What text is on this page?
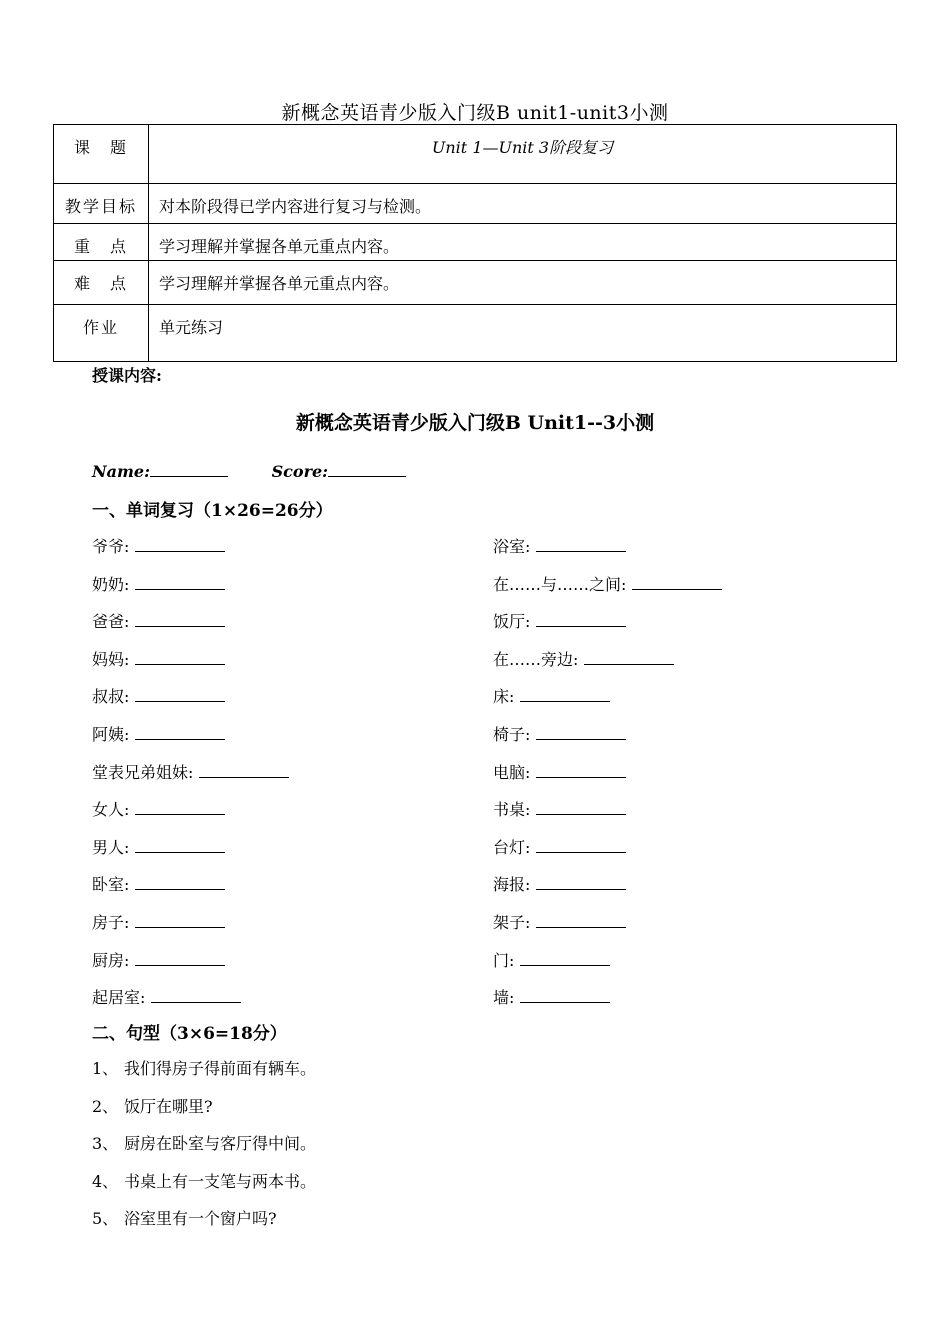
新概念英语青少版入门级B unit1-unit3小测
课　题	Unit 1—Unit 3阶段复习
教学目标	对本阶段得已学内容进行复习与检测。
重　点	学习理解并掌握各单元重点内容。
难　点	学习理解并掌握各单元重点内容。
作业	单元练习
授课内容:
新概念英语青少版入门级B Unit1--3小测
Name:	Score:
一、单词复习（1×26=26分）
爷爷:
奶奶:
爸爸:
妈妈:
叔叔:
阿姨:
堂表兄弟姐妹:
女人:
男人:
卧室:
房子:
厨房:
起居室:
浴室:
在……与……之间:
饭厅:
在……旁边:
床:
椅子:
电脑:
书桌:
台灯:
海报:
架子:
门:
墙:
二、句型（3×6=18分）
1、 我们得房子得前面有辆车。
2、 饭厅在哪里?
3、 厨房在卧室与客厅得中间。
4、 书桌上有一支笔与两本书。
5、 浴室里有一个窗户吗?
